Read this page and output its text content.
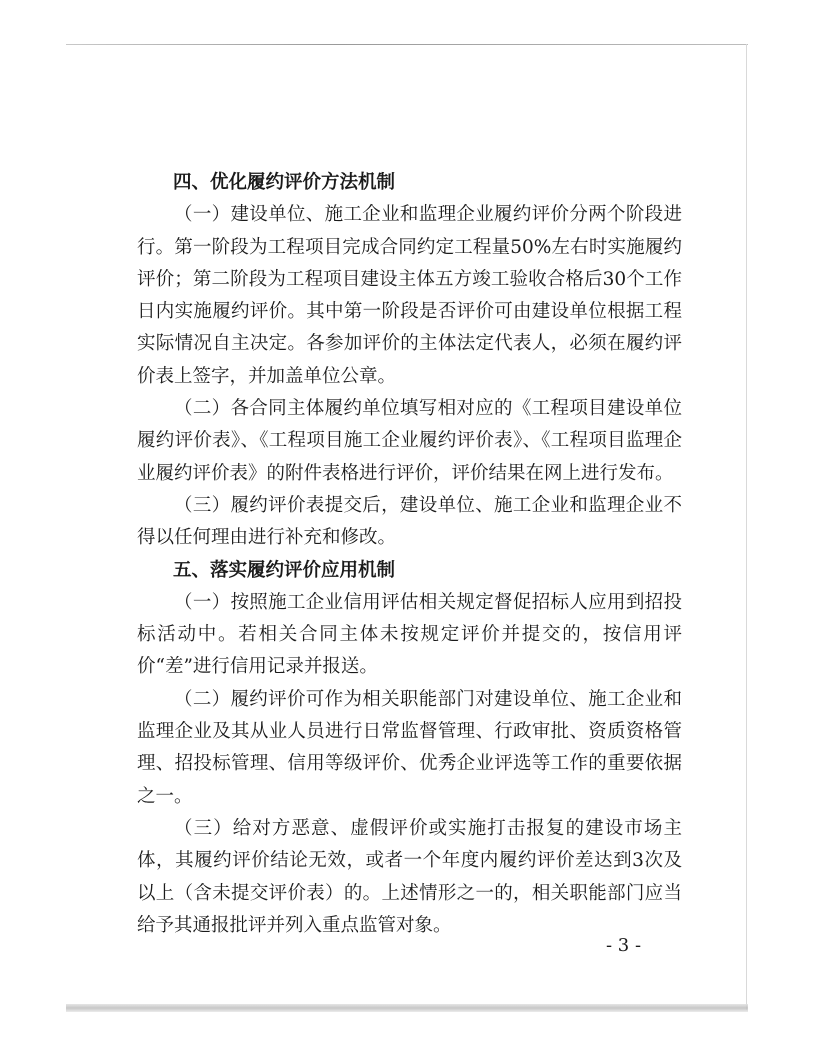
四、优化履约评价方法机制

（一）建设单位、施工企业和监理企业履约评价分两个阶段进行。第一阶段为工程项目完成合同约定工程量50%左右时实施履约评价；第二阶段为工程项目建设主体五方竣工验收合格后30个工作日内实施履约评价。其中第一阶段是否评价可由建设单位根据工程实际情况自主决定。各参加评价的主体法定代表人，必须在履约评价表上签字，并加盖单位公章。

（二）各合同主体履约单位填写相对应的《工程项目建设单位履约评价表》、《工程项目施工企业履约评价表》、《工程项目监理企业履约评价表》的附件表格进行评价，评价结果在网上进行发布。

（三）履约评价表提交后，建设单位、施工企业和监理企业不得以任何理由进行补充和修改。

五、落实履约评价应用机制

（一）按照施工企业信用评估相关规定督促招标人应用到招投标活动中。若相关合同主体未按规定评价并提交的，按信用评价“差”进行信用记录并报送。

（二）履约评价可作为相关职能部门对建设单位、施工企业和监理企业及其从业人员进行日常监督管理、行政审批、资质资格管理、招投标管理、信用等级评价、优秀企业评选等工作的重要依据之一。

（三）给对方恶意、虚假评价或实施打击报复的建设市场主体，其履约评价结论无效，或者一个年度内履约评价差达到3次及以上（含未提交评价表）的。上述情形之一的，相关职能部门应当给予其通报批评并列入重点监管对象。

- 3 -
